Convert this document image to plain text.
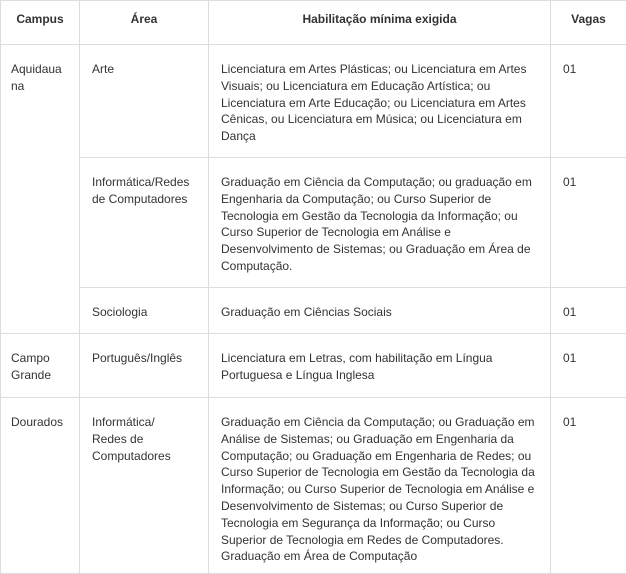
Campus	Área	Habilitação mínima exigida	Vagas

Aquidaua na	Arte	Licenciatura em Artes Plásticas; ou Licenciatura em Artes Visuais; ou Licenciatura em Educação Artística; ou Licenciatura em Arte Educação; ou Licenciatura em Artes Cênicas, ou Licenciatura em Música; ou Licenciatura em Dança	01

	Informática/Redes de Computadores	Graduação em Ciência da Computação; ou graduação em Engenharia da Computação; ou Curso Superior de Tecnologia em Gestão da Tecnologia da Informação; ou Curso Superior de Tecnologia em Análise e Desenvolvimento de Sistemas; ou Graduação em Área de Computação.	01

	Sociologia	Graduação em Ciências Sociais	01

Campo Grande	Português/Inglês	Licenciatura em Letras, com habilitação em Língua Portuguesa e Língua Inglesa	01

Dourados	Informática/ Redes de Computadores	Graduação em Ciência da Computação; ou Graduação em Análise de Sistemas; ou Graduação em Engenharia da Computação; ou Graduação em Engenharia de Redes; ou Curso Superior de Tecnologia em Gestão da Tecnologia da Informação; ou Curso Superior de Tecnologia em Análise e Desenvolvimento de Sistemas; ou Curso Superior de Tecnologia em Segurança da Informação; ou Curso Superior de Tecnologia em Redes de Computadores. Graduação em Área de Computação	01
